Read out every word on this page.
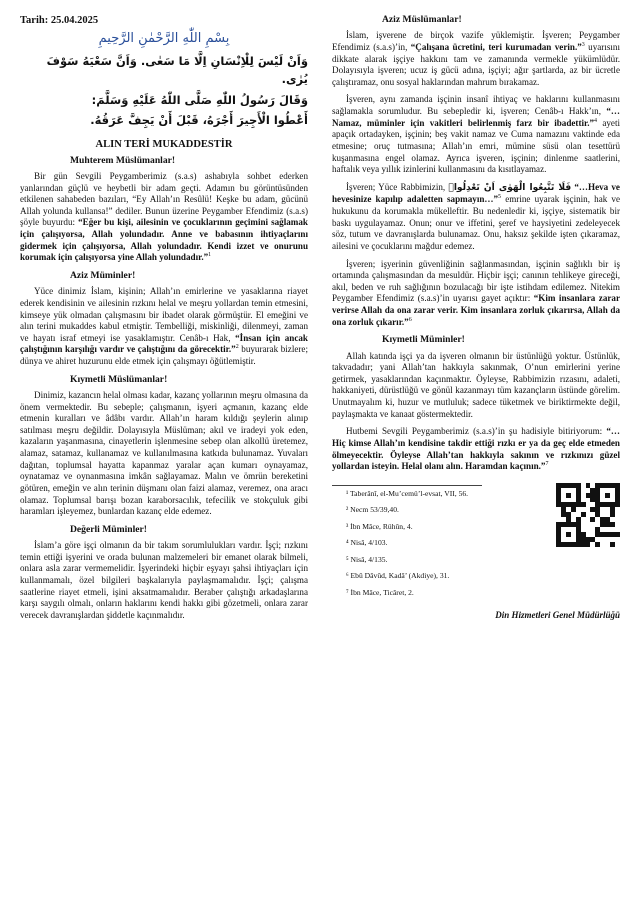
Tarih: 25.04.2025
بِسْمِ اللّٰهِ الرَّحْمٰنِ الرَّحِيمِ
وَاَنْ لَيْسَ لِلْاِنْسَانِ اِلَّا مَا سَعٰى. وَاَنَّ سَعْيَهُ سَوْفَ يُرٰى.
وَقَالَ رَسُولُ اللّٰهِ صَلَّى اللّٰهُ عَلَيْهِ وَسَلَّمَ:
أَعْطُوا الْأَجِيرَ أَجْرَهُ، قَبْلَ أَنْ يَجِفَّ عَرَقُهُ.
ALIN TERİ MUKADDESTİR
Muhterem Müslümanlar!

Bir gün Sevgili Peygamberimiz (s.a.s) ashabıyla sohbet ederken yanlarından güçlü ve heybetli bir adam geçti. Adamın bu görüntüsünden etkilenen sahabeden bazıları, “Ey Allah’ın Resûlü! Keşke bu adam, gücünü Allah yolunda kullansa!” dediler. Bunun üzerine Peygamber Efendimiz (s.a.s) şöyle buyurdu: “Eğer bu kişi, ailesinin ve çocuklarının geçimini sağlamak için çalışıyorsa, Allah yolundadır. Anne ve babasının ihtiyaçlarını gidermek için çalışıyorsa, Allah yolundadır. Kendi izzet ve onurunu korumak için çalışıyorsa yine Allah yolundadır.”$^1$

Aziz Müminler!

Yüce dinimiz İslam, kişinin; Allah’ın emirlerine ve yasaklarına riayet ederek kendisinin ve ailesinin rızkını helal ve meşru yollardan temin etmesini, kimseye yük olmadan çalışmasını bir ibadet olarak görmüştür. El emeğini ve alın terini mukaddes kabul etmiştir. Tembelliği, miskinliği, dilenmeyi, zaman ve hayatı israf etmeyi ise yasaklamıştır. Cenâb-ı Hak, “İnsan için ancak çalıştığının karşılığı vardır ve çalıştığını da görecektir.”$^2$ buyurarak bizlere; dünya ve ahiret huzurunu elde etmek için çalışmayı öğütlemiştir.

Kıymetli Müslümanlar!

Dinimiz, kazancın helal olması kadar, kazanç yollarının meşru olmasına da önem vermektedir. Bu sebeple; çalışmanın, işyeri açmanın, kazanç elde etmenin kuralları ve âdâbı vardır. Allah’ın haram kıldığı şeylerin alınıp satılması meşru değildir. Dolayısıyla Müslüman; akıl ve iradeyi yok eden, kazaların yaşanmasına, cinayetlerin işlenmesine sebep olan alkollü üretemez, alamaz, satamaz, kullanamaz ve kullanılmasına katkıda bulunamaz. Yuvaları dağıtan, toplumsal hayatta kapanmaz yaralar açan kumarı oynayamaz, oynatamaz ve oynanmasına imkân sağlayamaz. Malın ve ömrün bereketini götüren, emeğin ve alın terinin düşmanı olan faizi alamaz, veremez, ona aracı olamaz. Toplumsal barışı bozan karaborsacılık, tefecilik ve stokçuluk gibi haramları işleyemez, bunlardan kazanç elde edemez.

Değerli Müminler!

İslam’a göre işçi olmanın da bir takım sorumlulukları vardır. İşçi; rızkını temin ettiği işyerini ve orada bulunan malzemeleri bir emanet olarak bilmeli, onlara asla zarar vermemelidir. İşyerindeki hiçbir eşyayı şahsi ihtiyaçları için kullanmamalı, özel bilgileri başkalarıyla paylaşmamalıdır. İşçi; çalışma saatlerine riayet etmeli, işini aksatmamalıdır. Beraber çalıştığı arkadaşlarına karşı saygılı olmalı, onların haklarını kendi hakkı gibi gözetmeli, onlara zarar verecek davranışlardan şiddetle kaçınmalıdır.

Aziz Müslümanlar!

İslam, işverene de birçok vazife yüklemiştir. İşveren; Peygamber Efendimiz (s.a.s)’in, “Çalışana ücretini, teri kurumadan verin.”$^3$ uyarısını dikkate alarak işçiye hakkını tam ve zamanında vermekle yükümlüdür. Dolayısıyla işveren; ucuz iş gücü adına, işçiyi; ağır şartlarda, az bir ücretle çalıştıramaz, onu sosyal haklarından mahrum bırakamaz.

İşveren, aynı zamanda işçinin insanî ihtiyaç ve haklarını kullanmasını sağlamakla sorumludur. Bu sebepledir ki, işveren; Cenâb-ı Hakk’ın, “…Namaz, müminler için vakitleri belirlenmiş farz bir ibadettir.”$^4$ ayeti apaçık ortadayken, işçinin; beş vakit namaz ve Cuma namazını vaktinde eda etmesine; oruç tutmasına; Allah’ın emri, mümine süsü olan tesettürü kuşanmasına engel olamaz. Ayrıca işveren, işçinin; dinlenme saatlerini, haftalık veya yıllık izinlerini kullanmasını da kısıtlayamaz.

İşveren; Yüce Rabbimizin, فَلَا تَتَّبِعُوا الْهَوٰى اَنْ تَعْدِلُواۚ “…Heva ve hevesinize kapılıp adaletten sapmayın…”$^5$ emrine uyarak işçinin, hak ve hukukunu da korumakla mükelleftir. Bu nedenledir ki, işçiye, sistematik bir baskı uygulayamaz. Onun; onur ve iffetini, şeref ve haysiyetini zedeleyecek söz, tutum ve davranışlarda bulunamaz. Onu, haksız şekilde işten çıkaramaz, ailesini ve çocuklarını mağdur edemez.

İşveren; işyerinin güvenliğinin sağlanmasından, işçinin sağlıklı bir iş ortamında çalışmasından da mesuldür. Hiçbir işçi; canının tehlikeye gireceği, akıl, beden ve ruh sağlığının bozulacağı bir işte istihdam edilemez. Nitekim Peygamber Efendimiz (s.a.s)’in uyarısı gayet açıktır: “Kim insanlara zarar verirse Allah da ona zarar verir. Kim insanlara zorluk çıkarırsa, Allah da ona zorluk çıkarır.”$^6$

Kıymetli Müminler!

Allah katında işçi ya da işveren olmanın bir üstünlüğü yoktur. Üstünlük, takvadadır; yani Allah’tan hakkıyla sakınmak, O’nun emirlerini yerine getirmek, yasaklarından kaçınmaktır. Öyleyse, Rabbimizin rızasını, adaleti, hakkaniyeti, dürüstlüğü ve gönül kazanmayı tüm kazançların üstünde görelim. Unutmayalım ki, huzur ve mutluluk; sadece tüketmek ve biriktirmekte değil, paylaşmakta ve kanaat göstermektedir.

Hutbemi Sevgili Peygamberimiz (s.a.s)’in şu hadisiyle bitiriyorum: “…Hiç kimse Allah’ın kendisine takdir ettiği rızkı er ya da geç elde etmeden ölmeyecektir. Öyleyse Allah’tan hakkıyla sakının ve rızkınızı güzel yollardan isteyin. Helal olanı alın. Haramdan kaçının.”$^7$

¹ Taberânî, el-Mu’cemü’l-evsat, VII, 56.

² Necm 53/39,40.

³ İbn Mâce, Rühûn, 4.

⁴ Nisâ, 4/103.

⁵ Nisâ, 4/135.

⁶ Ebû Dâvûd, Kadâ’ (Akdiye), 31.

⁷ İbn Mâce, Ticâret, 2.

Din Hizmetleri Genel Müdürlüğü
